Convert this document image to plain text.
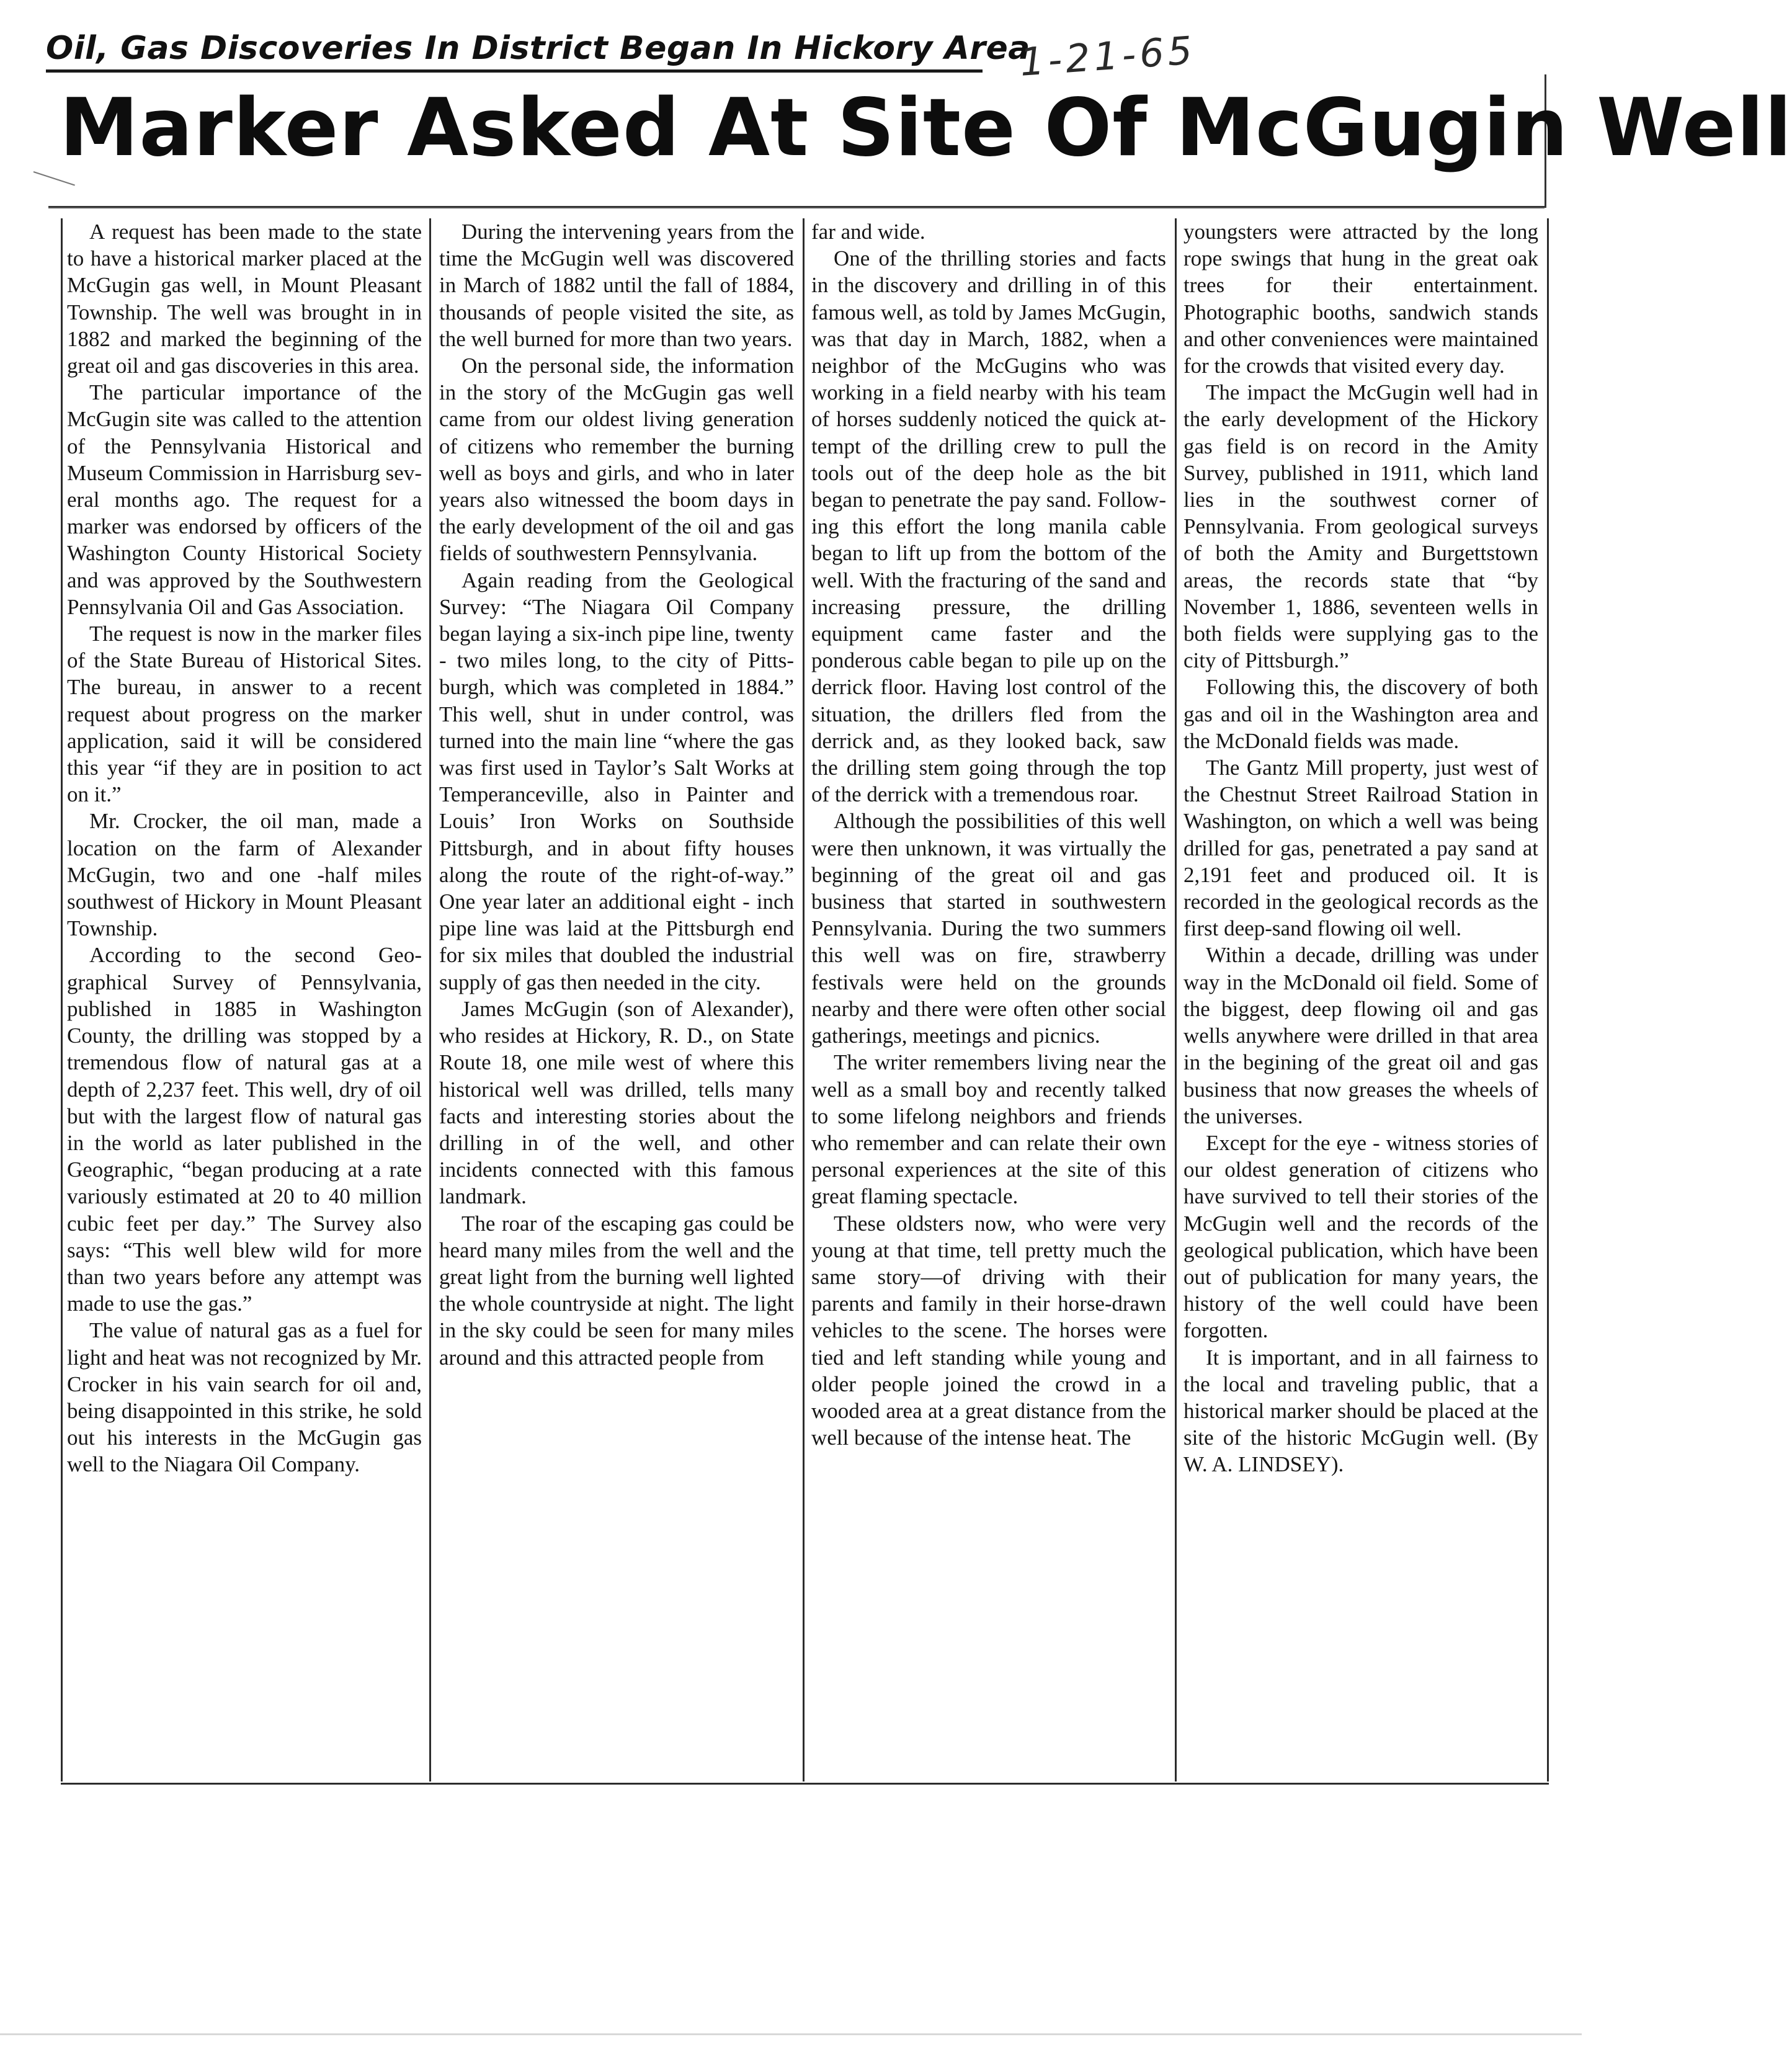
Oil, Gas Discoveries In District Began In Hickory Area
1-21-65
Marker Asked At Site Of McGugin Well

A request has been made to the state to have a historical marker placed at the McGugin gas well, in Mount Pleasant Township. The well was brought in in 1882 and marked the beginning of the great oil and gas discoveries in this area.

The particular importance of the McGugin site was called to the attention of the Pennsylvania Historical and Museum Commission in Harrisburg several months ago. The request for a marker was endorsed by officers of the Washington County Historical Society and was approved by the Southwestern Pennsylvania Oil and Gas Association.

The request is now in the marker files of the State Bureau of Historical Sites. The bureau, in answer to a recent request about progress on the marker application, said it will be considered this year “if they are in position to act on it.”

Mr. Crocker, the oil man, made a location on the farm of Alexander McGugin, two and one -half miles southwest of Hickory in Mount Pleasant Township.

According to the second Geographical Survey of Pennsylvania, published in 1885 in Washington County, the drilling was stopped by a tremendous flow of natural gas at a depth of 2,237 feet. This well, dry of oil but with the largest flow of natural gas in the world as later published in the Geographic, “began producing at a rate variously estimated at 20 to 40 million cubic feet per day.” The Survey also says: “This well blew wild for more than two years before any attempt was made to use the gas.”

The value of natural gas as a fuel for light and heat was not recognized by Mr. Crocker in his vain search for oil and, being disappointed in this strike, he sold out his interests in the McGugin gas well to the Niagara Oil Company.

During the intervening years from the time the McGugin well was discovered in March of 1882 until the fall of 1884, thousands of people visited the site, as the well burned for more than two years.

On the personal side, the information in the story of the McGugin gas well came from our oldest living generation of citizens who remember the burning well as boys and girls, and who in later years also witnessed the boom days in the early development of the oil and gas fields of southwestern Pennsylvania.

Again reading from the Geological Survey: “The Niagara Oil Company began laying a six-inch pipe line, twenty - two miles long, to the city of Pittsburgh, which was completed in 1884.” This well, shut in under control, was turned into the main line “where the gas was first used in Taylor’s Salt Works at Temperanceville, also in Painter and Louis’ Iron Works on Southside Pittsburgh, and in about fifty houses along the route of the right-of-way.” One year later an additional eight - inch pipe line was laid at the Pittsburgh end for six miles that doubled the industrial supply of gas then needed in the city.

James McGugin (son of Alexander), who resides at Hickory, R. D., on State Route 18, one mile west of where this historical well was drilled, tells many facts and interesting stories about the drilling in of the well, and other incidents connected with this famous landmark.

The roar of the escaping gas could be heard many miles from the well and the great light from the burning well lighted the whole countryside at night. The light in the sky could be seen for many miles around and this attracted people from

far and wide.

One of the thrilling stories and facts in the discovery and drilling in of this famous well, as told by James McGugin, was that day in March, 1882, when a neighbor of the McGugins who was working in a field nearby with his team of horses suddenly noticed the quick attempt of the drilling crew to pull the tools out of the deep hole as the bit began to penetrate the pay sand. Following this effort the long manila cable began to lift up from the bottom of the well. With the fracturing of the sand and increasing pressure, the drilling equipment came faster and the ponderous cable began to pile up on the derrick floor. Having lost control of the situation, the drillers fled from the derrick and, as they looked back, saw the drilling stem going through the top of the derrick with a tremendous roar.

Although the possibilities of this well were then unknown, it was virtually the beginning of the great oil and gas business that started in southwestern Pennsylvania. During the two summers this well was on fire, strawberry festivals were held on the grounds nearby and there were often other social gatherings, meetings and picnics.

The writer remembers living near the well as a small boy and recently talked to some lifelong neighbors and friends who remember and can relate their own personal experiences at the site of this great flaming spectacle.

These oldsters now, who were very young at that time, tell pretty much the same story—of driving with their parents and family in their horse-drawn vehicles to the scene. The horses were tied and left standing while young and older people joined the crowd in a wooded area at a great distance from the well because of the intense heat. The

youngsters were attracted by the long rope swings that hung in the great oak trees for their entertainment. Photographic booths, sandwich stands and other conveniences were maintained for the crowds that visited every day.

The impact the McGugin well had in the early development of the Hickory gas field is on record in the Amity Survey, published in 1911, which land lies in the southwest corner of Pennsylvania. From geological surveys of both the Amity and Burgettstown areas, the records state that “by November 1, 1886, seventeen wells in both fields were supplying gas to the city of Pittsburgh.”

Following this, the discovery of both gas and oil in the Washington area and the McDonald fields was made.

The Gantz Mill property, just west of the Chestnut Street Railroad Station in Washington, on which a well was being drilled for gas, penetrated a pay sand at 2,191 feet and produced oil. It is recorded in the geological records as the first deep-sand flowing oil well.

Within a decade, drilling was under way in the McDonald oil field. Some of the biggest, deep flowing oil and gas wells anywhere were drilled in that area in the begining of the great oil and gas business that now greases the wheels of the universes.

Except for the eye - witness stories of our oldest generation of citizens who have survived to tell their stories of the McGugin well and the records of the geological publication, which have been out of publication for many years, the history of the well could have been forgotten.

It is important, and in all fairness to the local and traveling public, that a historical marker should be placed at the site of the historic McGugin well. (By W. A. LINDSEY).
